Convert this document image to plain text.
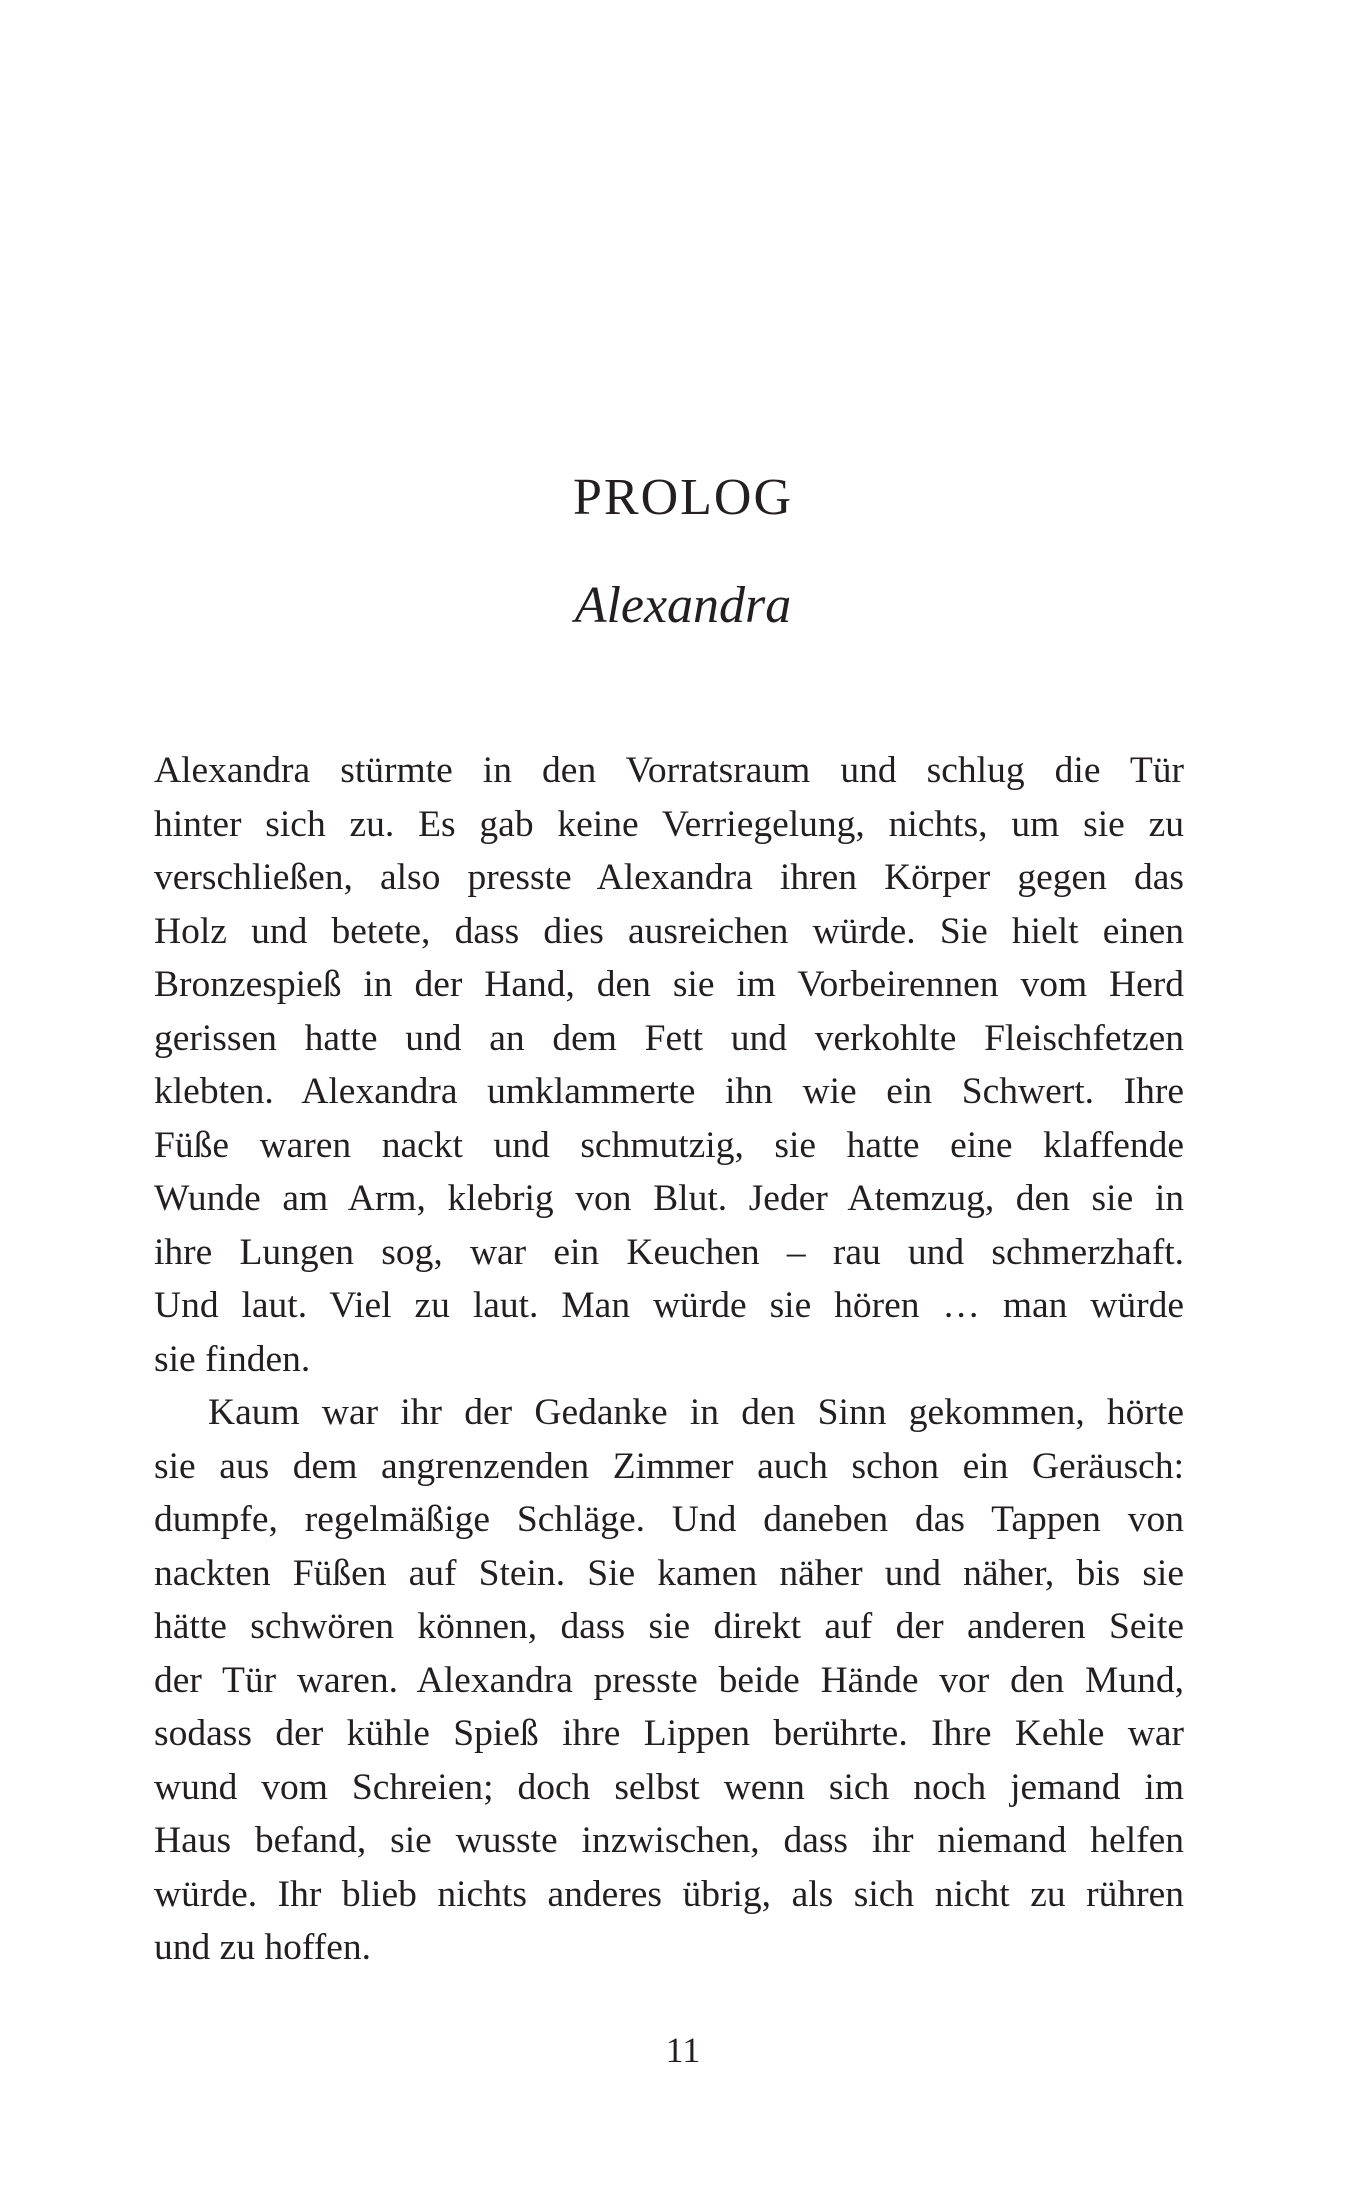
PROLOG
Alexandra
Alexandra stürmte in den Vorratsraum und schlug die Tür
hinter sich zu. Es gab keine Verriegelung, nichts, um sie zu
verschließen, also presste Alexandra ihren Körper gegen das
Holz und betete, dass dies ausreichen würde. Sie hielt einen
Bronzespieß in der Hand, den sie im Vorbeirennen vom Herd
gerissen hatte und an dem Fett und verkohlte Fleischfetzen
klebten. Alexandra umklammerte ihn wie ein Schwert. Ihre
Füße waren nackt und schmutzig, sie hatte eine klaffende
Wunde am Arm, klebrig von Blut. Jeder Atemzug, den sie in
ihre Lungen sog, war ein Keuchen – rau und schmerzhaft.
Und laut. Viel zu laut. Man würde sie hören … man würde
sie finden.
Kaum war ihr der Gedanke in den Sinn gekommen, hörte
sie aus dem angrenzenden Zimmer auch schon ein Geräusch:
dumpfe, regelmäßige Schläge. Und daneben das Tappen von
nackten Füßen auf Stein. Sie kamen näher und näher, bis sie
hätte schwören können, dass sie direkt auf der anderen Seite
der Tür waren. Alexandra presste beide Hände vor den Mund,
sodass der kühle Spieß ihre Lippen berührte. Ihre Kehle war
wund vom Schreien; doch selbst wenn sich noch jemand im
Haus befand, sie wusste inzwischen, dass ihr niemand helfen
würde. Ihr blieb nichts anderes übrig, als sich nicht zu rühren
und zu hoffen.
11
